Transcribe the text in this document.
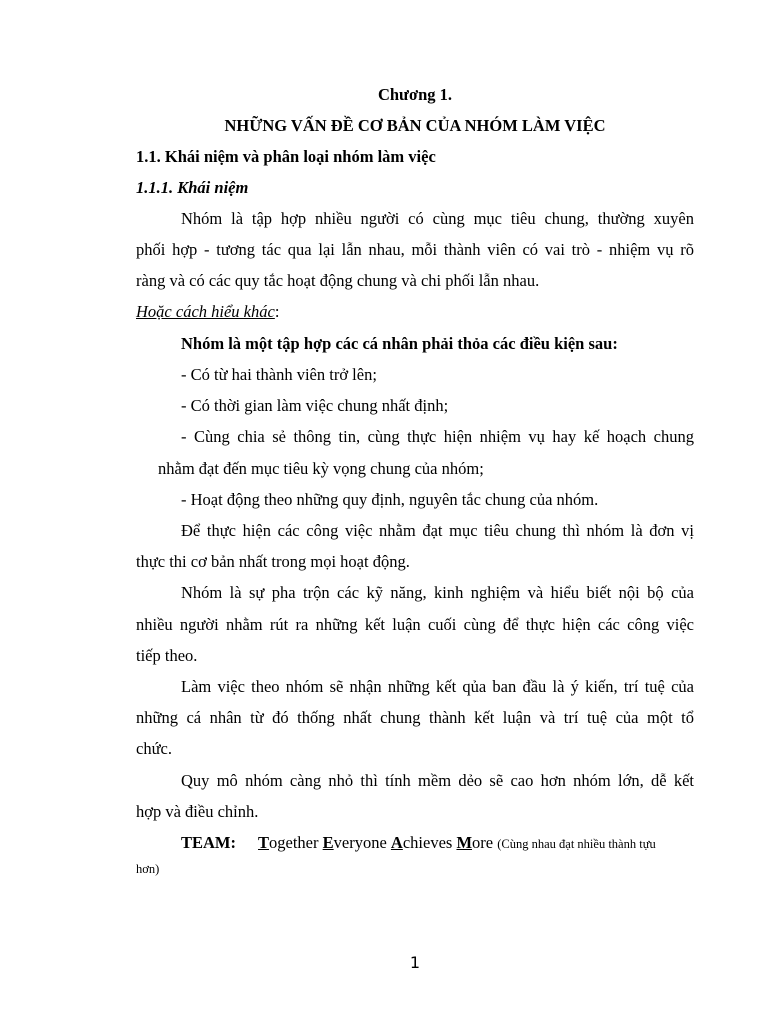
Chương 1.
NHỮNG VẤN ĐỀ CƠ BẢN CỦA NHÓM LÀM VIỆC
1.1. Khái niệm và phân loại nhóm làm việc
1.1.1. Khái niệm
Nhóm là tập hợp nhiều người có cùng mục tiêu chung, thường xuyên
phối hợp - tương tác qua lại lẫn nhau, mỗi thành viên có vai trò - nhiệm vụ rõ
ràng và có các quy tắc hoạt động chung và chi phối lẫn nhau.
Hoặc cách hiểu khác:
Nhóm là một tập hợp các cá nhân phải thỏa các điều kiện sau:
- Có từ hai thành viên trở lên;
- Có thời gian làm việc chung nhất định;
- Cùng chia sẻ thông tin, cùng thực hiện nhiệm vụ hay kế hoạch chung
nhằm đạt đến mục tiêu kỳ vọng chung của nhóm;
- Hoạt động theo những quy định, nguyên tắc chung của nhóm.
Để thực hiện các công việc nhằm đạt mục tiêu chung thì nhóm là đơn vị
thực thi cơ bản nhất trong mọi hoạt động.
Nhóm là sự pha trộn các kỹ năng, kinh nghiệm và hiểu biết nội bộ của
nhiều người nhằm rút ra những kết luận cuối cùng để thực hiện các công việc
tiếp theo.
Làm việc theo nhóm sẽ nhận những kết qủa ban đầu là ý kiến, trí tuệ của
những cá nhân từ đó thống nhất chung thành kết luận và trí tuệ của một tổ
chức.
Quy mô nhóm càng nhỏ thì tính mềm dẻo sẽ cao hơn nhóm lớn, dễ kết
hợp và điều chỉnh.
TEAM: Together Everyone Achieves More (Cùng nhau đạt nhiều thành tựu
hơn)
1
